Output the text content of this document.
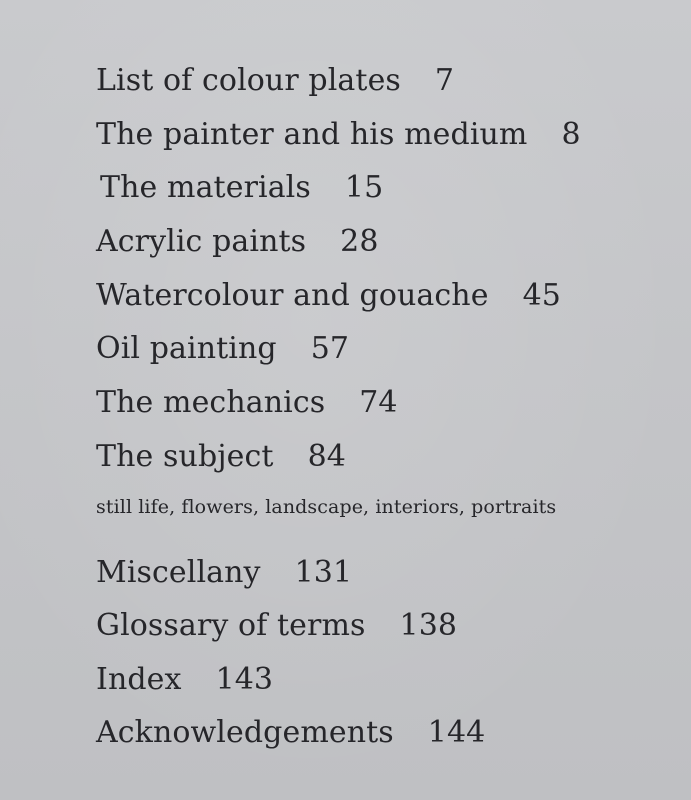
List of colour plates 7
The painter and his medium 8
The materials 15
Acrylic paints 28
Watercolour and gouache 45
Oil painting 57
The mechanics 74
The subject 84
still life, flowers, landscape, interiors, portraits
Miscellany 131
Glossary of terms 138
Index 143
Acknowledgements 144
